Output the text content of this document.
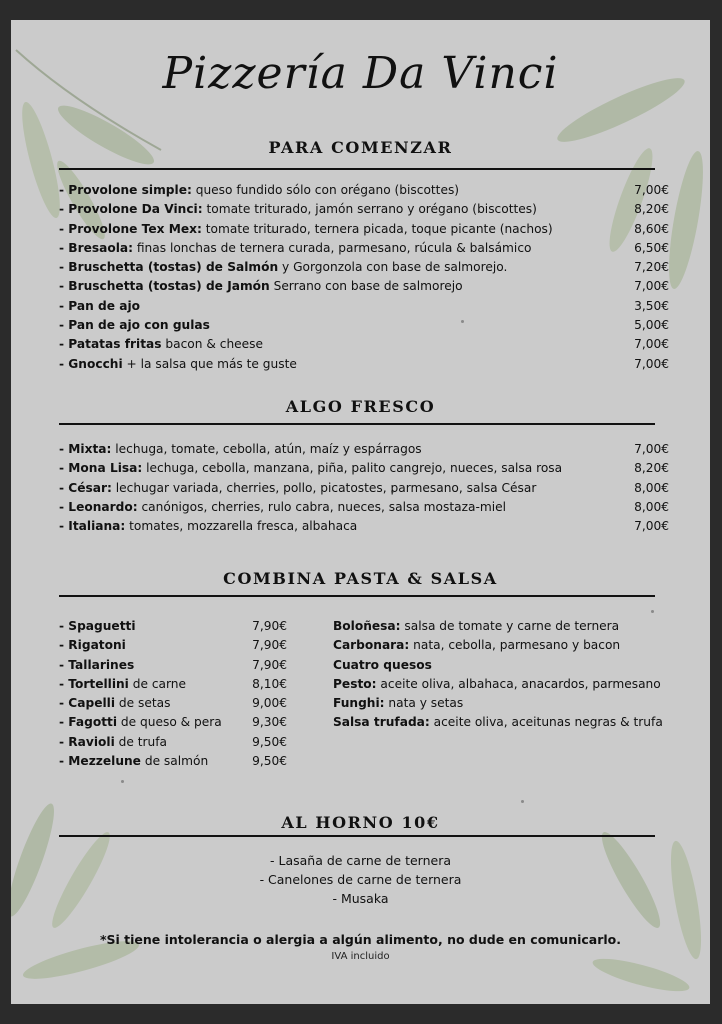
Pizzería Da Vinci
PARA COMENZAR
- Provolone simple: queso fundido sólo con orégano (biscottes)	7,00€
- Provolone Da Vinci: tomate triturado, jamón serrano y orégano (biscottes)	8,20€
- Provolone Tex Mex: tomate triturado, ternera picada, toque picante (nachos)	8,60€
- Bresaola: finas lonchas de ternera curada, parmesano, rúcula & balsámico	6,50€
- Bruschetta (tostas) de Salmón y Gorgonzola con base de salmorejo.	7,20€
- Bruschetta (tostas) de Jamón Serrano con base de salmorejo	7,00€
- Pan de ajo	3,50€
- Pan de ajo con gulas	5,00€
- Patatas fritas bacon & cheese	7,00€
- Gnocchi + la salsa que más te guste	7,00€
ALGO FRESCO
- Mixta: lechuga, tomate, cebolla, atún, maíz y espárragos	7,00€
- Mona Lisa: lechuga, cebolla, manzana, piña, palito cangrejo, nueces, salsa rosa	8,20€
- César: lechugar variada, cherries, pollo, picatostes, parmesano, salsa César	8,00€
- Leonardo: canónigos, cherries, rulo cabra, nueces, salsa mostaza-miel	8,00€
- Italiana: tomates, mozzarella fresca, albahaca	7,00€
COMBINA PASTA & SALSA
- Spaguetti	7,90€
- Rigatoni	7,90€
- Tallarines	7,90€
- Tortellini de carne	8,10€
- Capelli de setas	9,00€
- Fagotti de queso & pera 9,30€
- Ravioli de trufa	9,50€
- Mezzelune de salmón	9,50€
Boloñesa: salsa de tomate y carne de ternera
Carbonara: nata, cebolla, parmesano y bacon
Cuatro quesos
Pesto: aceite oliva, albahaca, anacardos, parmesano
Funghi: nata y setas
Salsa trufada: aceite oliva, aceitunas negras & trufa
AL HORNO 10€
- Lasaña de carne de ternera
- Canelones de carne de ternera
- Musaka
*Si tiene intolerancia o alergia a algún alimento, no dude en comunicarlo.
IVA incluido
